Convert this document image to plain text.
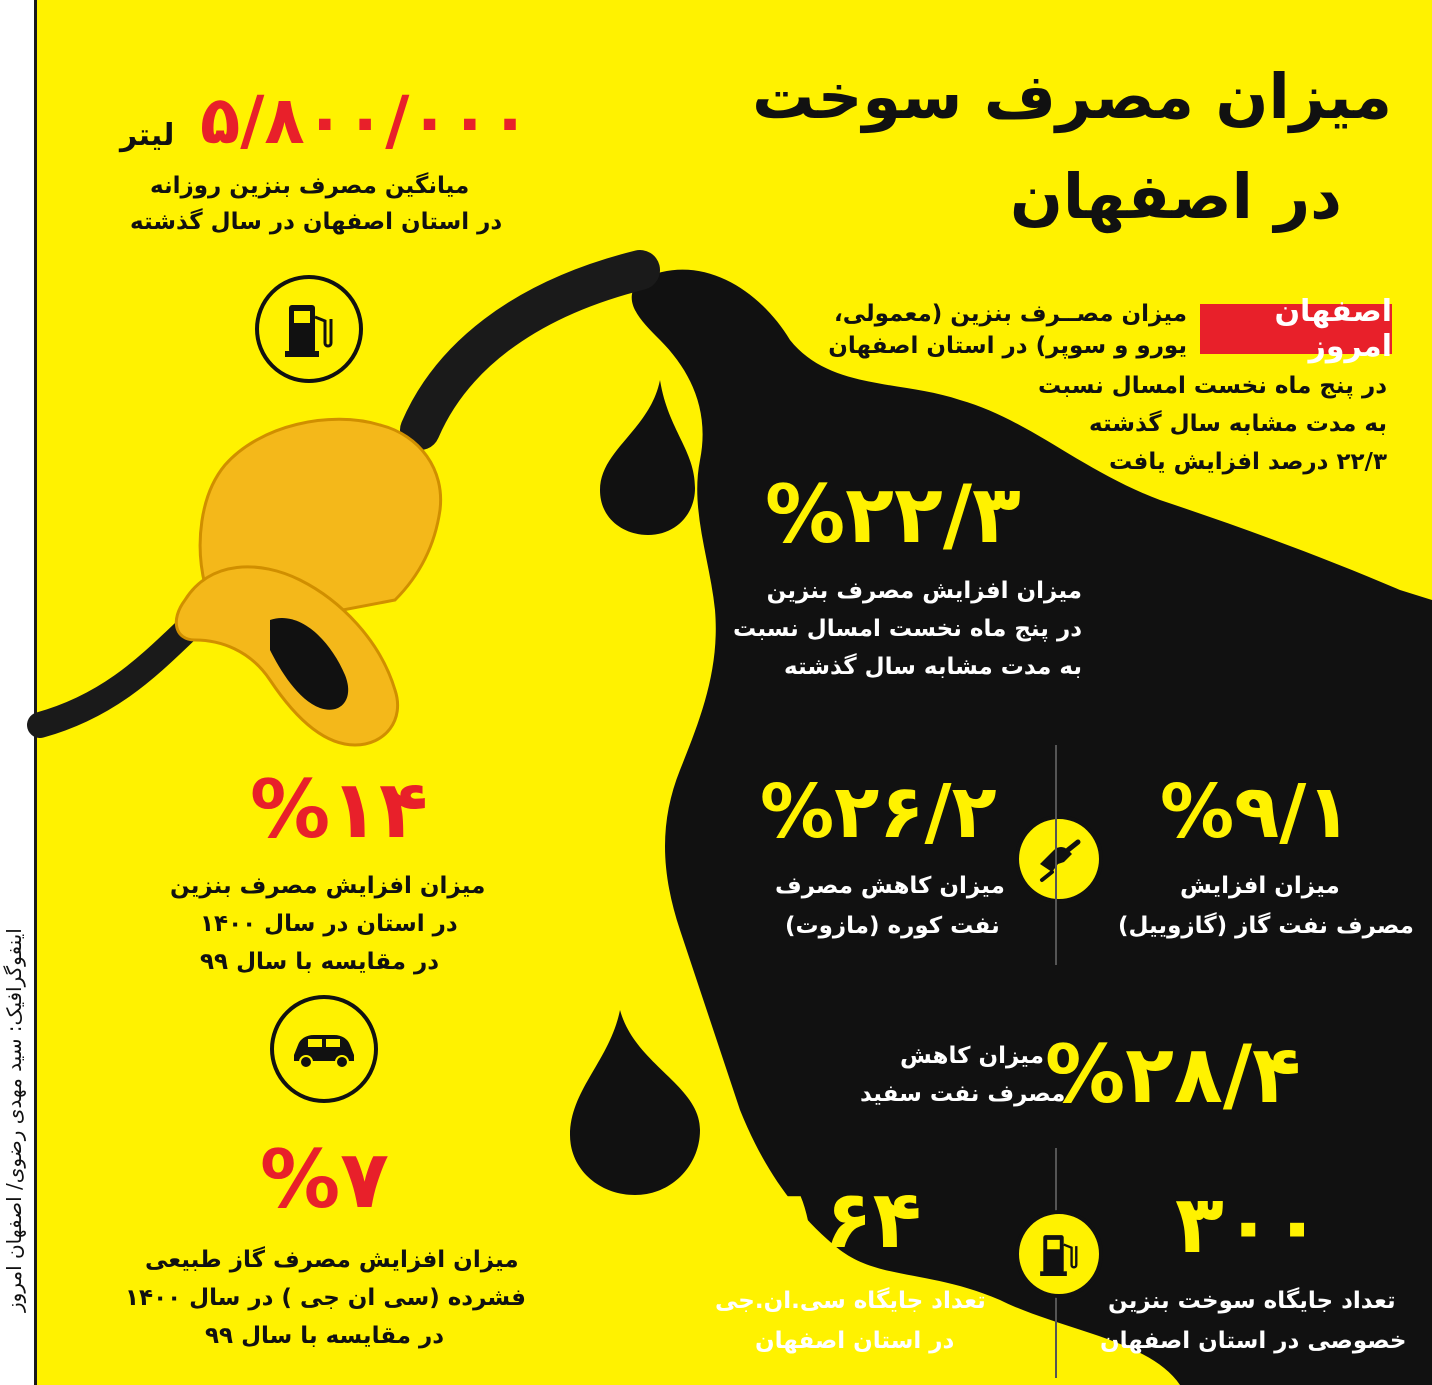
اینفوگرافیک: سید مهدی رضوی/ اصفهان امروز
میزان مصرف سوخت
در اصفهان
اصفهان امروز
میزان مصــرف بنزین (معمولی،
یورو و سوپر) در استان اصفهان
در پنج ماه نخست امسال نسبت
به مدت مشابه سال گذشته
۲۲/۳ درصد افزایش یافت
۵/۸۰۰/۰۰۰
لیتر
میانگین مصرف بنزین روزانه
در استان اصفهان در سال گذشته
%۲۲/۳
میزان افزایش مصرف بنزین
در پنج ماه نخست امسال نسبت
به مدت مشابه سال گذشته
%۱۴
میزان افزایش مصرف بنزین
در استان در سال ۱۴۰۰
در مقایسه با سال ۹۹
%۷
میزان افزایش مصرف گاز طبیعی
فشرده (سی ان جی ) در سال ۱۴۰۰
در مقایسه با سال ۹۹
%۲۶/۲
میزان کاهش مصرف
نفت کوره (مازوت)
%۹/۱
میزان افزایش
مصرف نفت گاز (گازوییل)
%۲۸/۴
میزان کاهش
مصرف نفت سفید
۱۶۴
تعداد جایگاه سی.ان.جی
در استان اصفهان
۳۰۰
تعداد جایگاه سوخت بنزین
خصوصی در استان اصفهان
